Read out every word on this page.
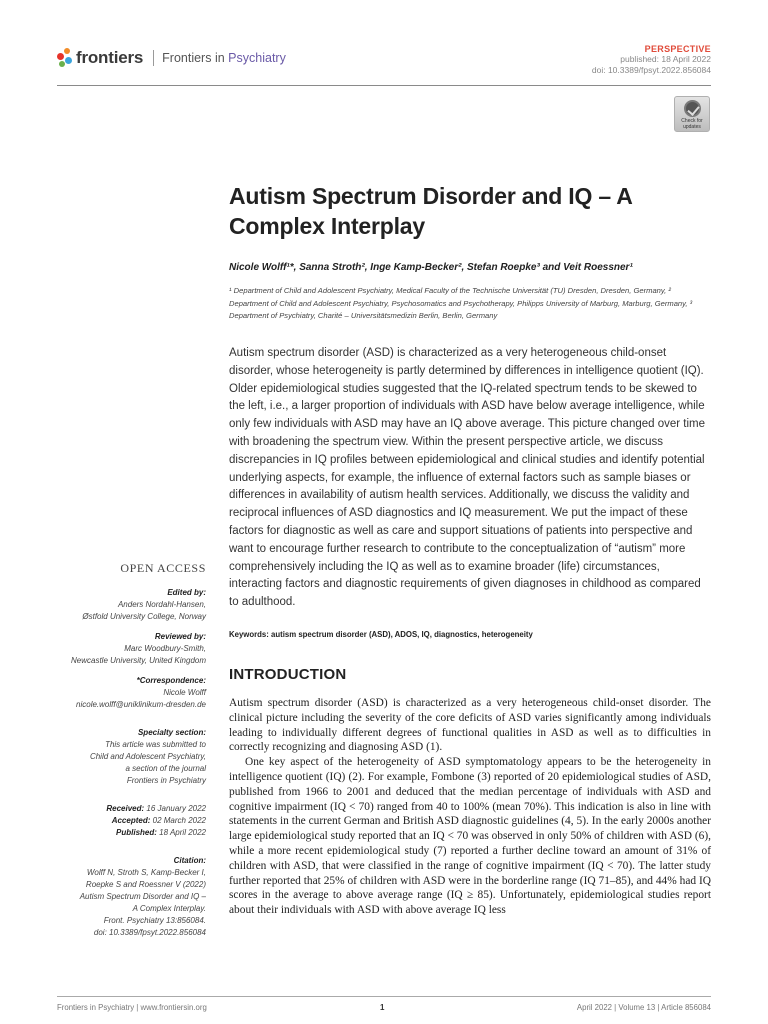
frontiers Frontiers in Psychiatry
PERSPECTIVE
published: 18 April 2022
doi: 10.3389/fpsyt.2022.856084
Check for
updates
Autism Spectrum Disorder and IQ – A Complex Interplay
Nicole Wolff¹*, Sanna Stroth², Inge Kamp-Becker², Stefan Roepke³ and Veit Roessner¹
¹ Department of Child and Adolescent Psychiatry, Medical Faculty of the Technische Universität (TU) Dresden, Dresden, Germany, ² Department of Child and Adolescent Psychiatry, Psychosomatics and Psychotherapy, Philipps University of Marburg, Marburg, Germany, ³ Department of Psychiatry, Charité – Universitätsmedizin Berlin, Berlin, Germany
Autism spectrum disorder (ASD) is characterized as a very heterogeneous child-onset disorder, whose heterogeneity is partly determined by differences in intelligence quotient (IQ). Older epidemiological studies suggested that the IQ-related spectrum tends to be skewed to the left, i.e., a larger proportion of individuals with ASD have below average intelligence, while only few individuals with ASD may have an IQ above average. This picture changed over time with broadening the spectrum view. Within the present perspective article, we discuss discrepancies in IQ profiles between epidemiological and clinical studies and identify potential underlying aspects, for example, the influence of external factors such as sample biases or differences in availability of autism health services. Additionally, we discuss the validity and reciprocal influences of ASD diagnostics and IQ measurement. We put the impact of these factors for diagnostic as well as care and support situations of patients into perspective and want to encourage further research to contribute to the conceptualization of “autism” more comprehensively including the IQ as well as to examine broader (life) circumstances, interacting factors and diagnostic requirements of given diagnoses in childhood as compared to adulthood.
Keywords: autism spectrum disorder (ASD), ADOS, IQ, diagnostics, heterogeneity
OPEN ACCESS
Edited by:
Anders Nordahl-Hansen,
Østfold University College, Norway
Reviewed by:
Marc Woodbury-Smith,
Newcastle University, United Kingdom
*Correspondence:
Nicole Wolff
nicole.wolff@uniklinikum-dresden.de
Specialty section:
This article was submitted to
Child and Adolescent Psychiatry,
a section of the journal
Frontiers in Psychiatry
Received: 16 January 2022
Accepted: 02 March 2022
Published: 18 April 2022
Citation:
Wolff N, Stroth S, Kamp-Becker I,
Roepke S and Roessner V (2022)
Autism Spectrum Disorder and IQ –
A Complex Interplay.
Front. Psychiatry 13:856084.
doi: 10.3389/fpsyt.2022.856084
INTRODUCTION

Autism spectrum disorder (ASD) is characterized as a very heterogeneous child-onset disorder. The clinical picture including the severity of the core deficits of ASD varies significantly among individuals leading to individually different degrees of functional qualities in ASD as well as to difficulties in correctly recognizing and diagnosing ASD (1).

One key aspect of the heterogeneity of ASD symptomatology appears to be the heterogeneity in intelligence quotient (IQ) (2). For example, Fombone (3) reported of 20 epidemiological studies of ASD, published from 1966 to 2001 and deduced that the median percentage of individuals with ASD and cognitive impairment (IQ < 70) ranged from 40 to 100% (mean 70%). This indication is also in line with statements in the current German and British ASD diagnostic guidelines (4, 5). In the early 2000s another large epidemiological study reported that an IQ < 70 was observed in only 50% of children with ASD (6), while a more recent epidemiological study (7) reported a further decline toward an amount of 31% of children with ASD, that were classified in the range of cognitive impairment (IQ < 70). The latter study further reported that 25% of children with ASD were in the borderline range (IQ 71–85), and 44% had IQ scores in the average to above average range (IQ ≥ 85). Unfortunately, epidemiological studies report about their individuals with ASD with above average IQ less

Frontiers in Psychiatry | www.frontiersin.org	1	April 2022 | Volume 13 | Article 856084
